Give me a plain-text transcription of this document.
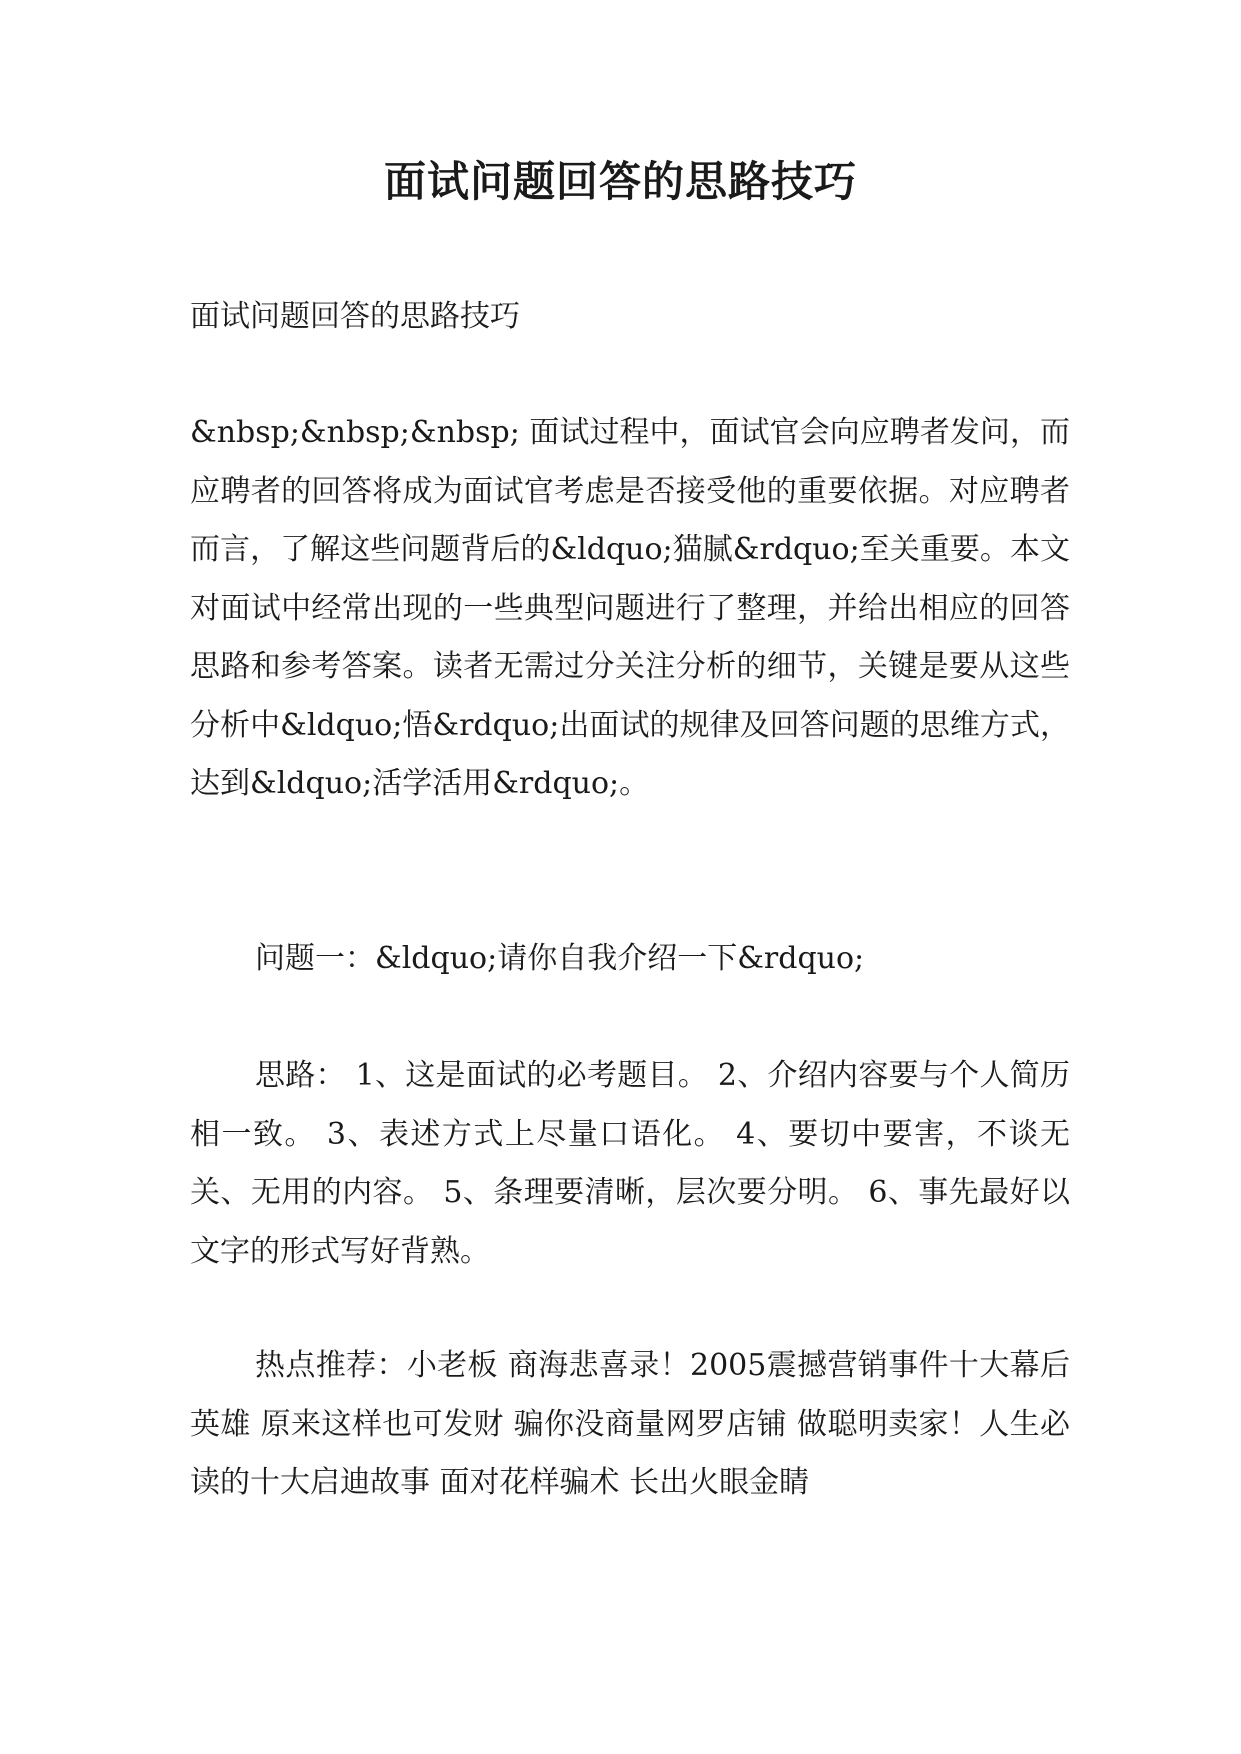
面试问题回答的思路技巧

面试问题回答的思路技巧

&nbsp;&nbsp;&nbsp; 面试过程中，面试官会向应聘者发问，而应聘者的回答将成为面试官考虑是否接受他的重要依据。对应聘者而言，了解这些问题背后的&ldquo;猫腻&rdquo;至关重要。本文对面试中经常出现的一些典型问题进行了整理，并给出相应的回答思路和参考答案。读者无需过分关注分析的细节，关键是要从这些分析中&ldquo;悟&rdquo;出面试的规律及回答问题的思维方式，达到&ldquo;活学活用&rdquo;。

问题一：&ldquo;请你自我介绍一下&rdquo;

思路： 1、这是面试的必考题目。 2、介绍内容要与个人简历相一致。 3、表述方式上尽量口语化。 4、要切中要害，不谈无关、无用的内容。 5、条理要清晰，层次要分明。 6、事先最好以文字的形式写好背熟。

热点推荐：小老板 商海悲喜录！2005震撼营销事件十大幕后英雄 原来这样也可发财 骗你没商量网罗店铺 做聪明卖家！人生必读的十大启迪故事 面对花样骗术 长出火眼金睛
